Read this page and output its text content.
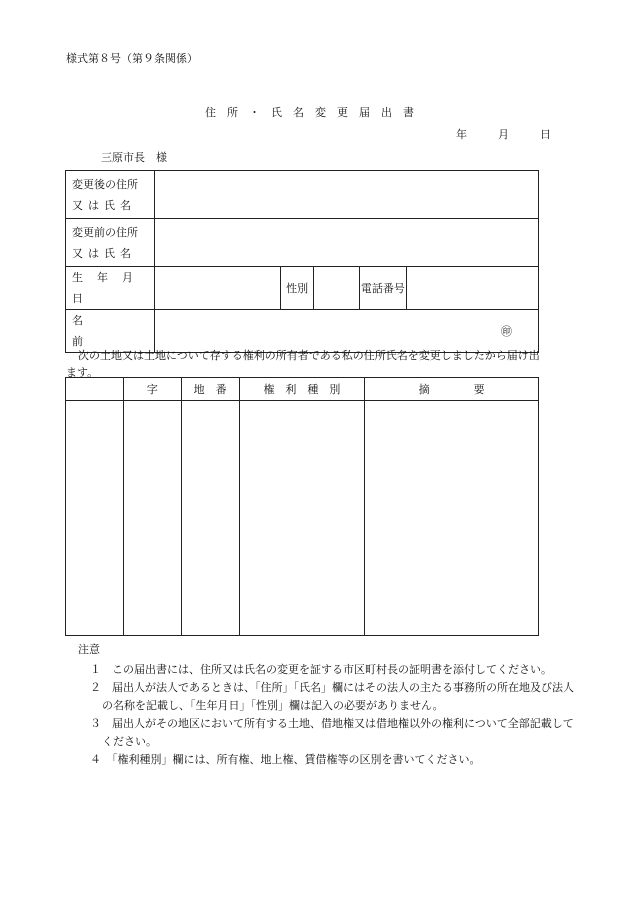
様式第８号（第９条関係）
住所・氏名変更届出書
年	月	日
三原市長　様
変更後の住所
又は氏名					

変更前の住所
又は氏名					

生年月日		性別		電話番号	
名　前	㊞				
次の土地又は土地について存する権利の所有者である私の住所氏名を変更しましたから届け出ます。
	字	地　番	権　利　種　別	摘　　　　要

注意
１　この届出書には、住所又は氏名の変更を証する市区町村長の証明書を添付してください。
２　届出人が法人であるときは、「住所」「氏名」欄にはその法人の主たる事務所の所在地及び法人の名称を記載し、「生年月日」「性別」欄は記入の必要がありません。
３　届出人がその地区において所有する土地、借地権又は借地権以外の権利について全部記載してください。
４　「権利種別」欄には、所有権、地上権、賃借権等の区別を書いてください。
